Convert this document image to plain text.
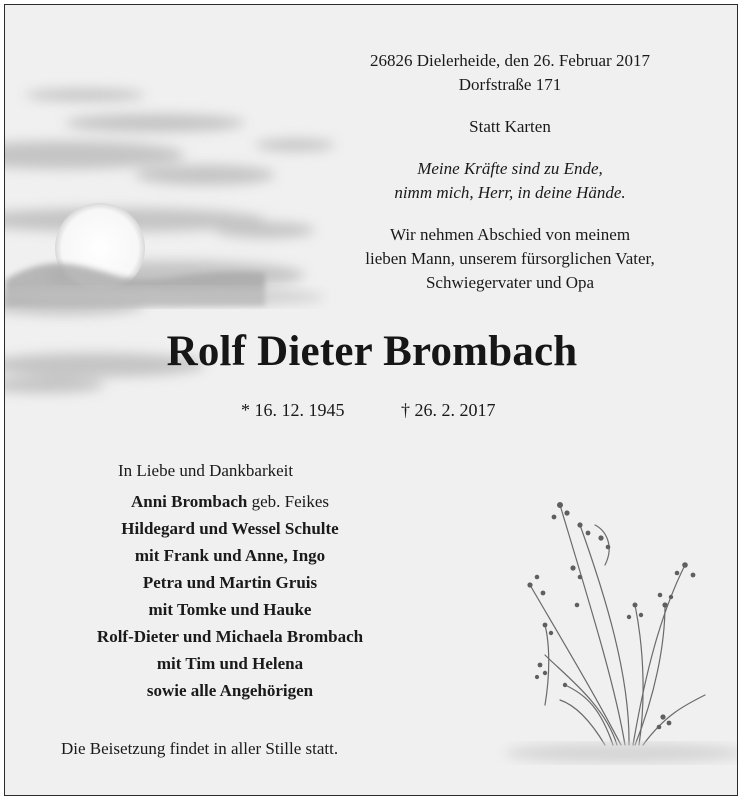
26826 Dielerheide, den 26. Februar 2017
Dorfstraße 171
Statt Karten
Meine Kräfte sind zu Ende,
nimm mich, Herr, in deine Hände.
Wir nehmen Abschied von meinem
lieben Mann, unserem fürsorglichen Vater,
Schwiegervater und Opa
Rolf Dieter Brombach
* 16. 12. 1945	† 26. 2. 2017
In Liebe und Dankbarkeit
Anni Brombach geb. Feikes
Hildegard und Wessel Schulte
mit Frank und Anne, Ingo
Petra und Martin Gruis
mit Tomke und Hauke
Rolf-Dieter und Michaela Brombach
mit Tim und Helena
sowie alle Angehörigen
Die Beisetzung findet in aller Stille statt.
